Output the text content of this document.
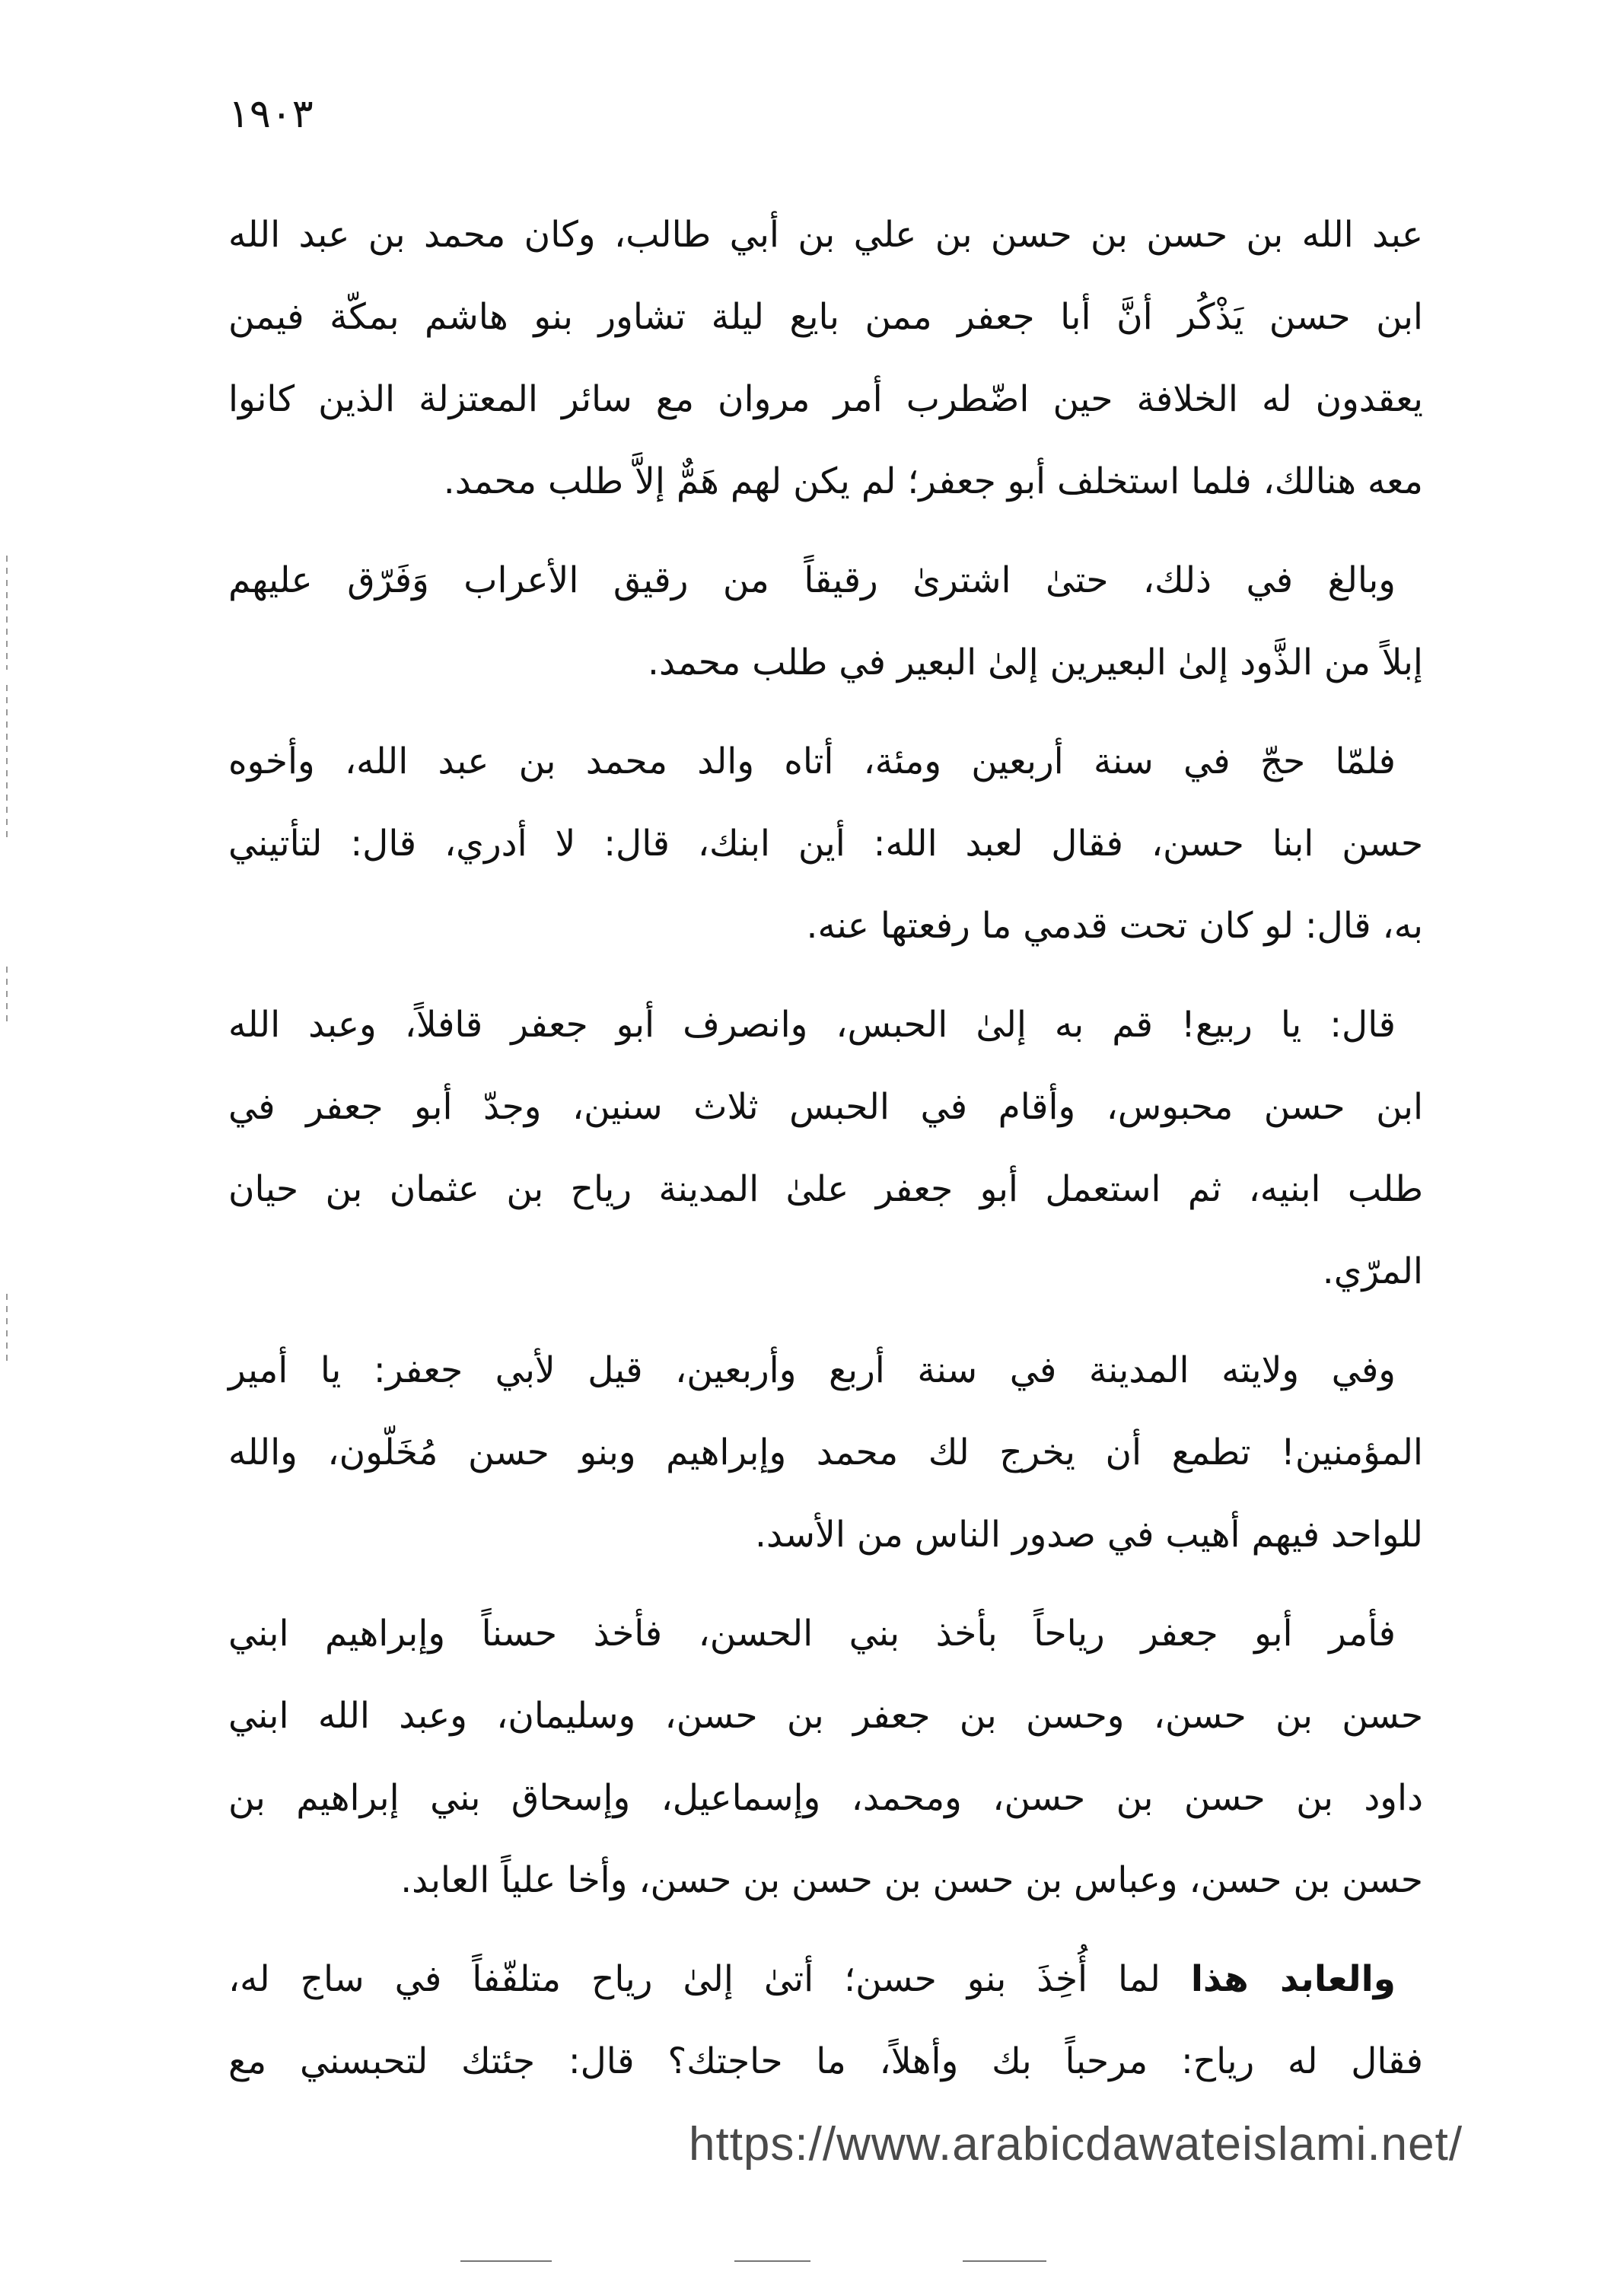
١٩٠٣
عبد الله بن حسن بن حسن بن علي بن أبي طالب، وكان محمد بن عبد الله
ابن حسن يَذْكُر أنَّ أبا جعفر ممن بايع ليلة تشاور بنو هاشم بمكّة فيمن
يعقدون له الخلافة حين اضّطرب أمر مروان مع سائر المعتزلة الذين كانوا
معه هنالك، فلما استخلف أبو جعفر؛ لم يكن لهم هَمٌّ إلاَّ طلب محمد.
وبالغ في ذلك، حتىٰ اشترىٰ رقيقاً من رقيق الأعراب وَفَرّق عليهم
إبلاً من الذَّود إلىٰ البعيرين إلىٰ البعير في طلب محمد.
فلمّا حجّ في سنة أربعين ومئة، أتاه والد محمد بن عبد الله، وأخوه
حسن ابنا حسن، فقال لعبد الله: أين ابنك، قال: لا أدري، قال: لتأتيني
به، قال: لو كان تحت قدمي ما رفعتها عنه.
قال: يا ربيع! قم به إلىٰ الحبس، وانصرف أبو جعفر قافلاً، وعبد الله
ابن حسن محبوس، وأقام في الحبس ثلاث سنين، وجدّ أبو جعفر في
طلب ابنيه، ثم استعمل أبو جعفر علىٰ المدينة رياح بن عثمان بن حيان
المرّي.
وفي ولايته المدينة في سنة أربع وأربعين، قيل لأبي جعفر: يا أمير
المؤمنين! تطمع أن يخرج لك محمد وإبراهيم وبنو حسن مُخَلّون، والله
للواحد فيهم أهيب في صدور الناس من الأسد.
فأمر أبو جعفر رياحاً بأخذ بني الحسن، فأخذ حسناً وإبراهيم ابني
حسن بن حسن، وحسن بن جعفر بن حسن، وسليمان، وعبد الله ابني
داود بن حسن بن حسن، ومحمد، وإسماعيل، وإسحاق بني إبراهيم بن
حسن بن حسن، وعباس بن حسن بن حسن بن حسن، وأخا علياً العابد.
والعابد هذا لما أُخِذَ بنو حسن؛ أتىٰ إلىٰ رياح متلفّفاً في ساج له،
فقال له رياح: مرحباً بك وأهلاً، ما حاجتك؟ قال: جئتك لتحبسني مع
https://www.arabicdawateislami.net/
